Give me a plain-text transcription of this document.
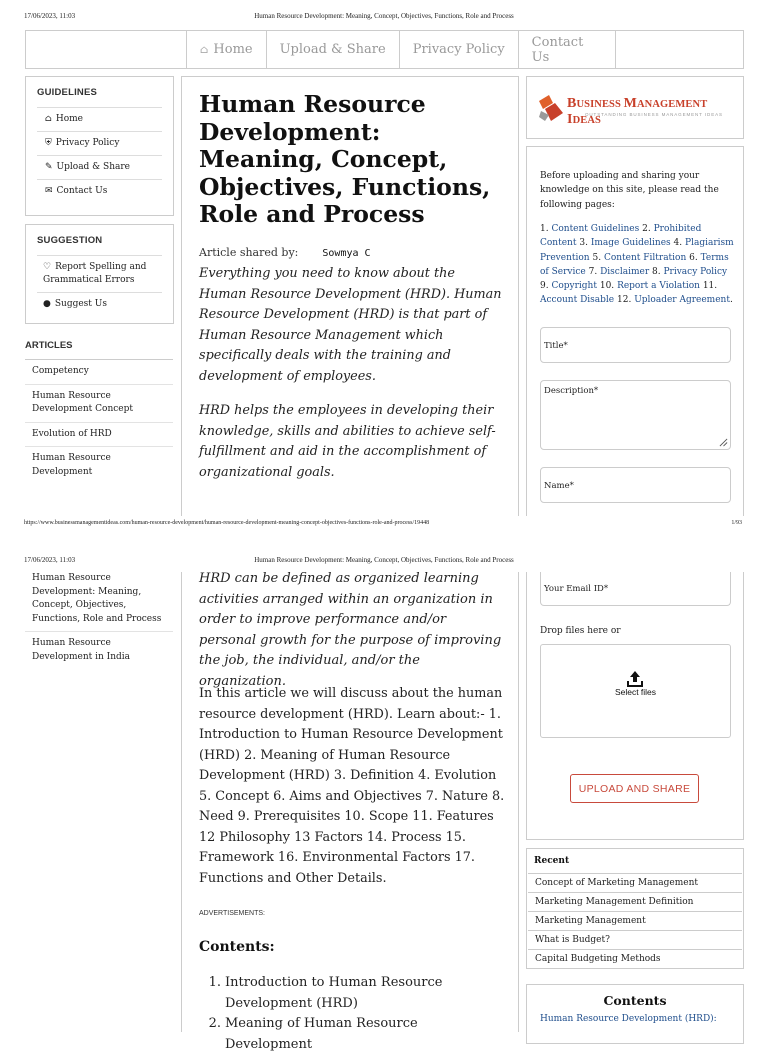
17/06/2023, 11:03	Human Resource Development: Meaning, Concept, Objectives, Functions, Role and Process
⌂ Home Upload & Share Privacy Policy Contact Us
GUIDELINES
⌂ Home
⛨ Privacy Policy
✎ Upload & Share
✉ Contact Us
SUGGESTION
♡ Report Spelling and Grammatical Errors
● Suggest Us
ARTICLES
Competency
Human Resource Development Concept
Evolution of HRD
Human Resource Development
Human Resource Development: Meaning, Concept, Objectives, Functions, Role and Process
Article shared by: Sowmya C

Everything you need to know about the Human Resource Development (HRD). Human Resource Development (HRD) is that part of Human Resource Management which specifically deals with the training and development of employees.

HRD helps the employees in developing their knowledge, skills and abilities to achieve self-fulfillment and aid in the accomplishment of organizational goals.

BUSINESS MANAGEMENT IDEAS
OUTSTANDING BUSINESS MANAGEMENT IDEAS

Before uploading and sharing your knowledge on this site, please read the following pages:

1. Content Guidelines 2. Prohibited Content 3. Image Guidelines 4. Plagiarism Prevention 5. Content Filtration 6. Terms of Service 7. Disclaimer 8. Privacy Policy 9. Copyright 10. Report a Violation 11. Account Disable 12. Uploader Agreement.

Title*
Description*
Name*
https://www.businessmanagementideas.com/human-resource-development/human-resource-development-meaning-concept-objectives-functions-role-and-process/19448	1/93
17/06/2023, 11:03	Human Resource Development: Meaning, Concept, Objectives, Functions, Role and Process
Human Resource Development: Meaning, Concept, Objectives, Functions, Role and Process
Human Resource Development in India

HRD can be defined as organized learning activities arranged within an organization in order to improve performance and/or personal growth for the purpose of improving the job, the individual, and/or the organization.

In this article we will discuss about the human resource development (HRD). Learn about:- 1. Introduction to Human Resource Development (HRD) 2. Meaning of Human Resource Development (HRD) 3. Definition 4. Evolution 5. Concept 6. Aims and Objectives 7. Nature 8. Need 9. Prerequisites 10. Scope 11. Features 12 Philosophy 13 Factors 14. Process 15. Framework 16. Environmental Factors 17. Functions and Other Details.

ADVERTISEMENTS:
Contents:
1. Introduction to Human Resource Development (HRD)
2. Meaning of Human Resource Development
Your Email ID*
Drop files here or
Select files
Recent
Concept of Marketing Management
Marketing Management Definition
Marketing Management
What is Budget?
Capital Budgeting Methods
Contents
Human Resource Development (HRD):
UPLOAD AND SHARE
